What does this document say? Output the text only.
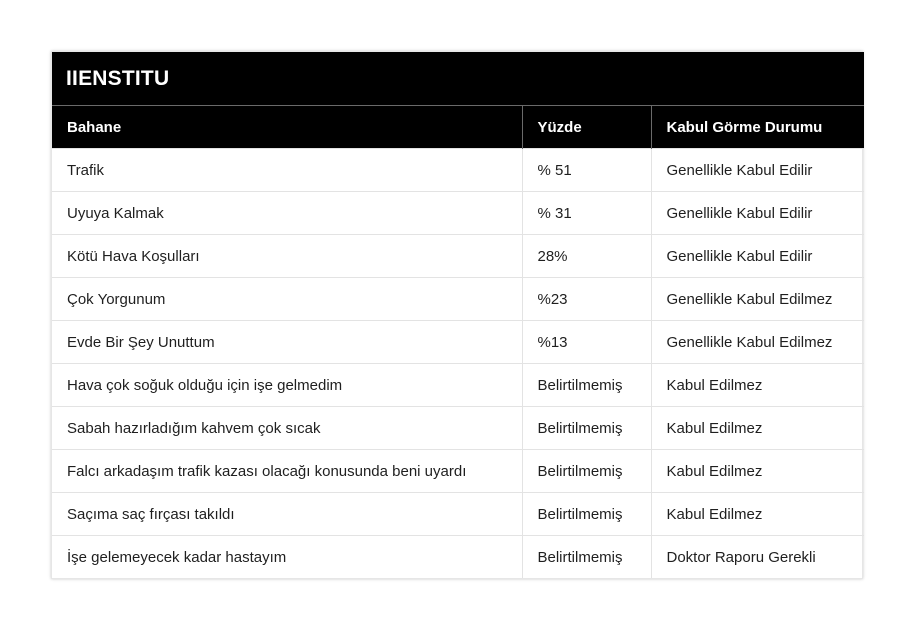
IIENSTITU		
Bahane	Yüzde	Kabul Görme Durumu
Trafik	% 51	Genellikle Kabul Edilir
Uyuya Kalmak	% 31	Genellikle Kabul Edilir
Kötü Hava Koşulları	28%	Genellikle Kabul Edilir
Çok Yorgunum	%23	Genellikle Kabul Edilmez
Evde Bir Şey Unuttum	%13	Genellikle Kabul Edilmez
Hava çok soğuk olduğu için işe gelmedim	Belirtilmemiş	Kabul Edilmez
Sabah hazırladığım kahvem çok sıcak	Belirtilmemiş	Kabul Edilmez
Falcı arkadaşım trafik kazası olacağı konusunda beni uyardı	Belirtilmemiş	Kabul Edilmez
Saçıma saç fırçası takıldı	Belirtilmemiş	Kabul Edilmez
İşe gelemeyecek kadar hastayım	Belirtilmemiş	Doktor Raporu Gerekli
